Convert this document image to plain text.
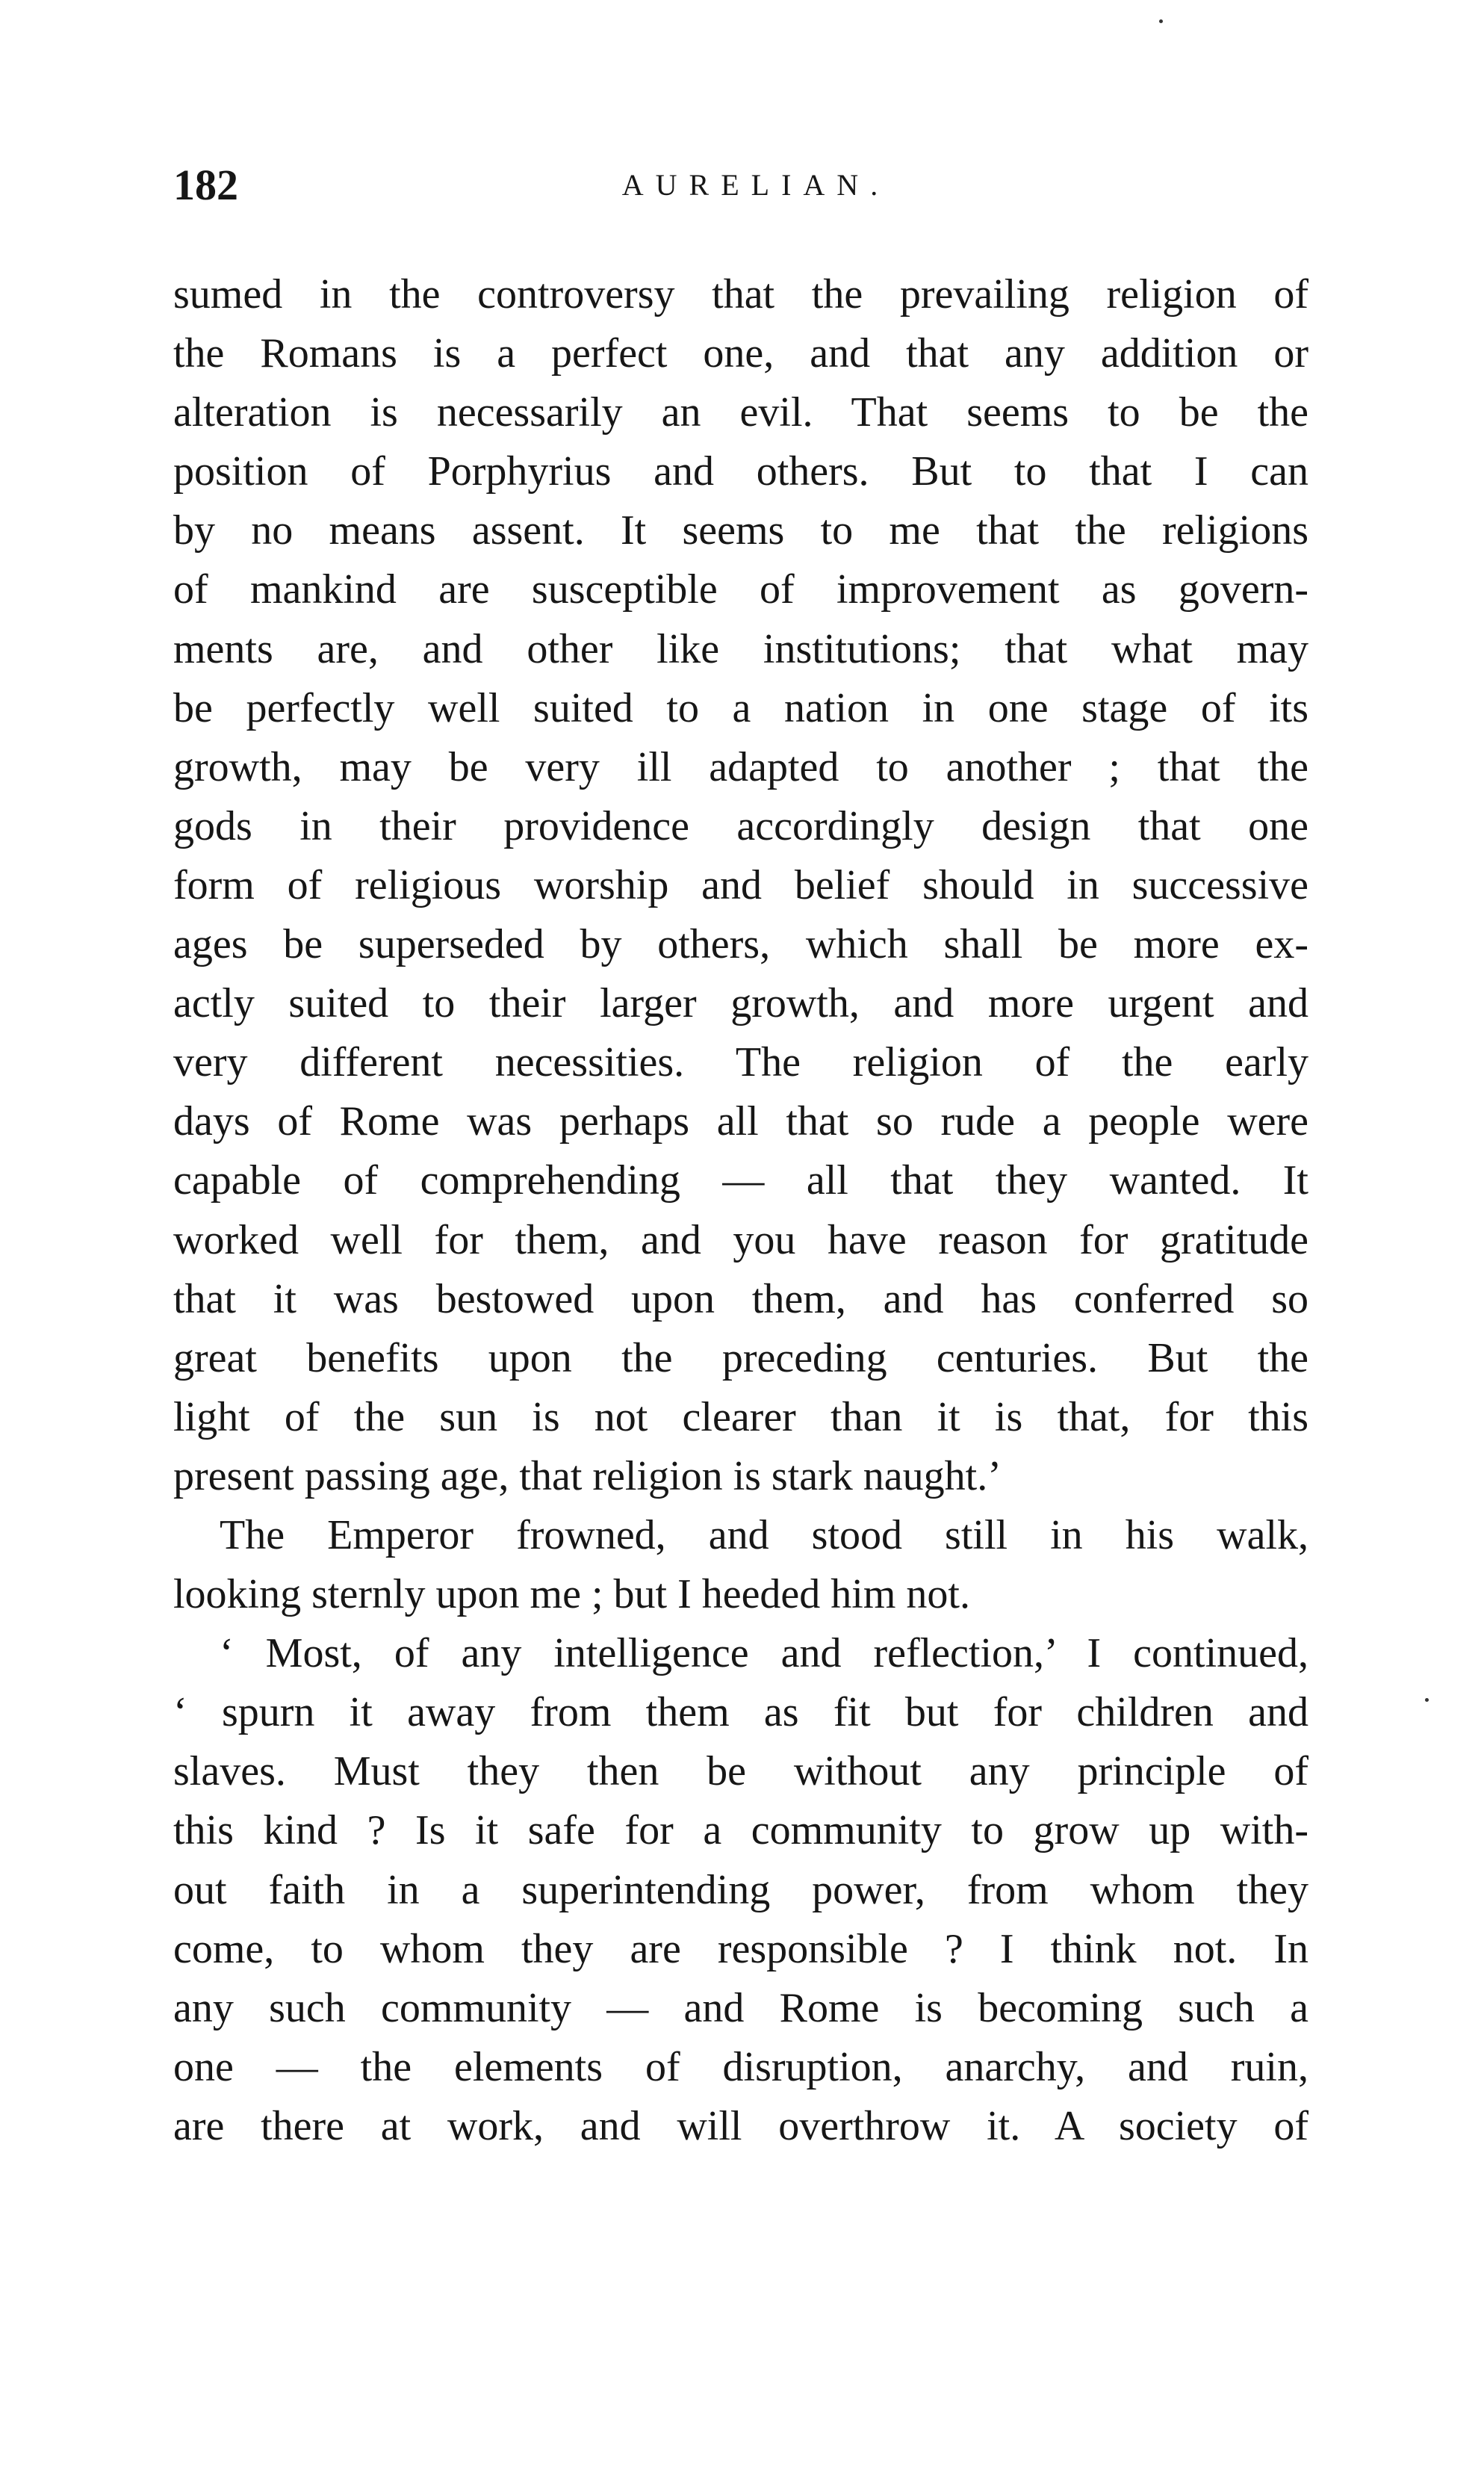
182	AURELIAN.
sumed in the controversy that the prevailing religion of
the Romans is a perfect one, and that any addition or
alteration is necessarily an evil. That seems to be the
position of Porphyrius and others. But to that I can
by no means assent. It seems to me that the religions
of mankind are susceptible of improvement as govern-
ments are, and other like institutions; that what may
be perfectly well suited to a nation in one stage of its
growth, may be very ill adapted to another ; that the
gods in their providence accordingly design that one
form of religious worship and belief should in successive
ages be superseded by others, which shall be more ex-
actly suited to their larger growth, and more urgent and
very different necessities. The religion of the early
days of Rome was perhaps all that so rude a people were
capable of comprehending — all that they wanted. It
worked well for them, and you have reason for gratitude
that it was bestowed upon them, and has conferred so
great benefits upon the preceding centuries. But the
light of the sun is not clearer than it is that, for this
present passing age, that religion is stark naught.’
The Emperor frowned, and stood still in his walk,
looking sternly upon me ; but I heeded him not.
‘ Most, of any intelligence and reflection,’ I continued,
‘ spurn it away from them as fit but for children and
slaves. Must they then be without any principle of
this kind ? Is it safe for a community to grow up with-
out faith in a superintending power, from whom they
come, to whom they are responsible ? I think not. In
any such community — and Rome is becoming such a
one — the elements of disruption, anarchy, and ruin,
are there at work, and will overthrow it. A society of
